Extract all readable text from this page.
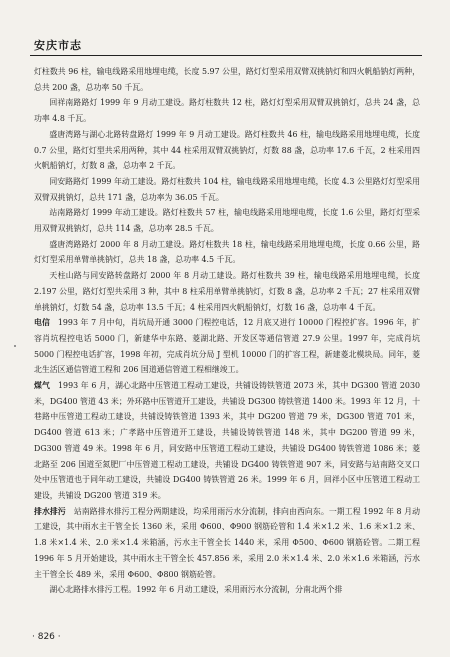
安庆市志

灯柱数共 96 柱，输电线路采用地埋电缆，长度 5.97 公里，路灯灯型采用双臂双挑钠灯和四火帆船钠灯两种，总共 200 盏，总功率 50 千瓦。

回祥南路路灯 1999 年 9 月动工建设。路灯柱数共 12 柱，路灯灯型采用双臂双挑钠灯，总共 24 盏，总功率 4.8 千瓦。

盛唐湾路与湖心北路转盘路灯 1999 年 9 月动工建设。路灯柱数共 46 柱，输电线路采用地埋电缆，长度 0.7 公里，路灯灯型共采用两种，其中 44 柱采用双臂双挑钠灯，灯数 88 盏，总功率 17.6 千瓦，2 柱采用四火帆船钠灯，灯数 8 盏，总功率 2 千瓦。

同安路路灯 1999 年动工建设。路灯柱数共 104 柱，输电线路采用地埋电缆，长度 4.3 公里路灯灯型采用双臂双挑钠灯，总共 171 盏，总功率为 36.05 千瓦。

站南路路灯 1999 年动工建设。路灯柱数共 57 柱，输电线路采用地埋电缆，长度 1.6 公里，路灯灯型采用双臂双挑钠灯，总共 114 盏，总功率 28.5 千瓦。

盛唐湾路路灯 2000 年 8 月动工建设。路灯柱数共 18 柱，输电线路采用地埋电缆，长度 0.66 公里，路灯灯型采用单臂单挑钠灯，总共 18 盏，总功率 4.5 千瓦。

天柱山路与同安路转盘路灯 2000 年 8 月动工建设。路灯柱数共 39 柱，输电线路采用地埋电缆，长度 2.197 公里，路灯灯型共采用 3 种，其中 8 柱采用单臂单挑钠灯，灯数 8 盏，总功率 2 千瓦；27 柱采用双臂单挑钠灯，灯数 54 盏，总功率 13.5 千瓦；4 柱采用四火帆船钠灯，灯数 16 盏，总功率 4 千瓦。

电信　 1993 年 7 月中旬，肖坑局开通 3000 门程控电话，12 月底又进行 10000 门程控扩容。1996 年，扩容肖坑程控电话 5000 门，新建华中东路、菱湖北路、开发区等通信管道 27.9 公里。1997 年，完成肖坑 5000 门程控电话扩容，1998 年初，完成肖坑分局 J 型机 10000 门的扩容工程，新建菱北模块局。同年，菱北生活区通信管道工程和 206 国道通信管道工程相继竣工。

煤气　 1993 年 6 月，湖心北路中压管道工程动工建设，共铺设铸铁管道 2073 米，其中 DG300 管道 2030 米，DG400 管道 43 米；外环路中压管道开工建设，共铺设 DG300 铸铁管道 1400 米。1993 年 12 月，十巷路中压管道工程动工建设，共铺设铸铁管道 1393 米，其中 DG200 管道 79 米，DG300 管道 701 米，DG400 管道 613 米；广孝路中压管道开工建设，共铺设铸铁管道 148 米，其中 DG200 管道 99 米，DG300 管道 49 米。1998 年 6 月，同安路中压管道工程动工建设，共铺设 DG400 铸铁管道 1086 米；菱北路至 206 国道至氮肥厂中压管道工程动工建设，共铺设 DG400 铸铁管道 907 米，同安路与站南路交叉口处中压管道也于同年动工建设，共铺设 DG400 铸铁管道 26 米。1999 年 6 月，回祥小区中压管道工程动工建设，共铺设 DG200 管道 319 米。

排水排污　 站南路排水排污工程分两期建设，均采用雨污水分流制，排向由西向东。一期工程 1992 年 8 月动工建设，其中雨水主干管全长 1360 米，采用 Φ600、Φ900 钢筋砼管和 1.4 米×1.2 米、1.6 米×1.2 米、1.8 米×1.4 米、2.0 米×1.4 米箱涵，污水主干管全长 1440 米，采用 Φ500、Φ600 钢筋砼管。二期工程 1996 年 5 月开始建设，其中雨水主干管全长 457.856 米，采用 2.0 米×1.4 米、2.0 米×1.6 米箱涵，污水主干管全长 489 米，采用 Φ600、Φ800 钢筋砼管。

湖心北路排水排污工程。1992 年 6 月动工建设，采用雨污水分流制，分南北两个排

· 826 ·
